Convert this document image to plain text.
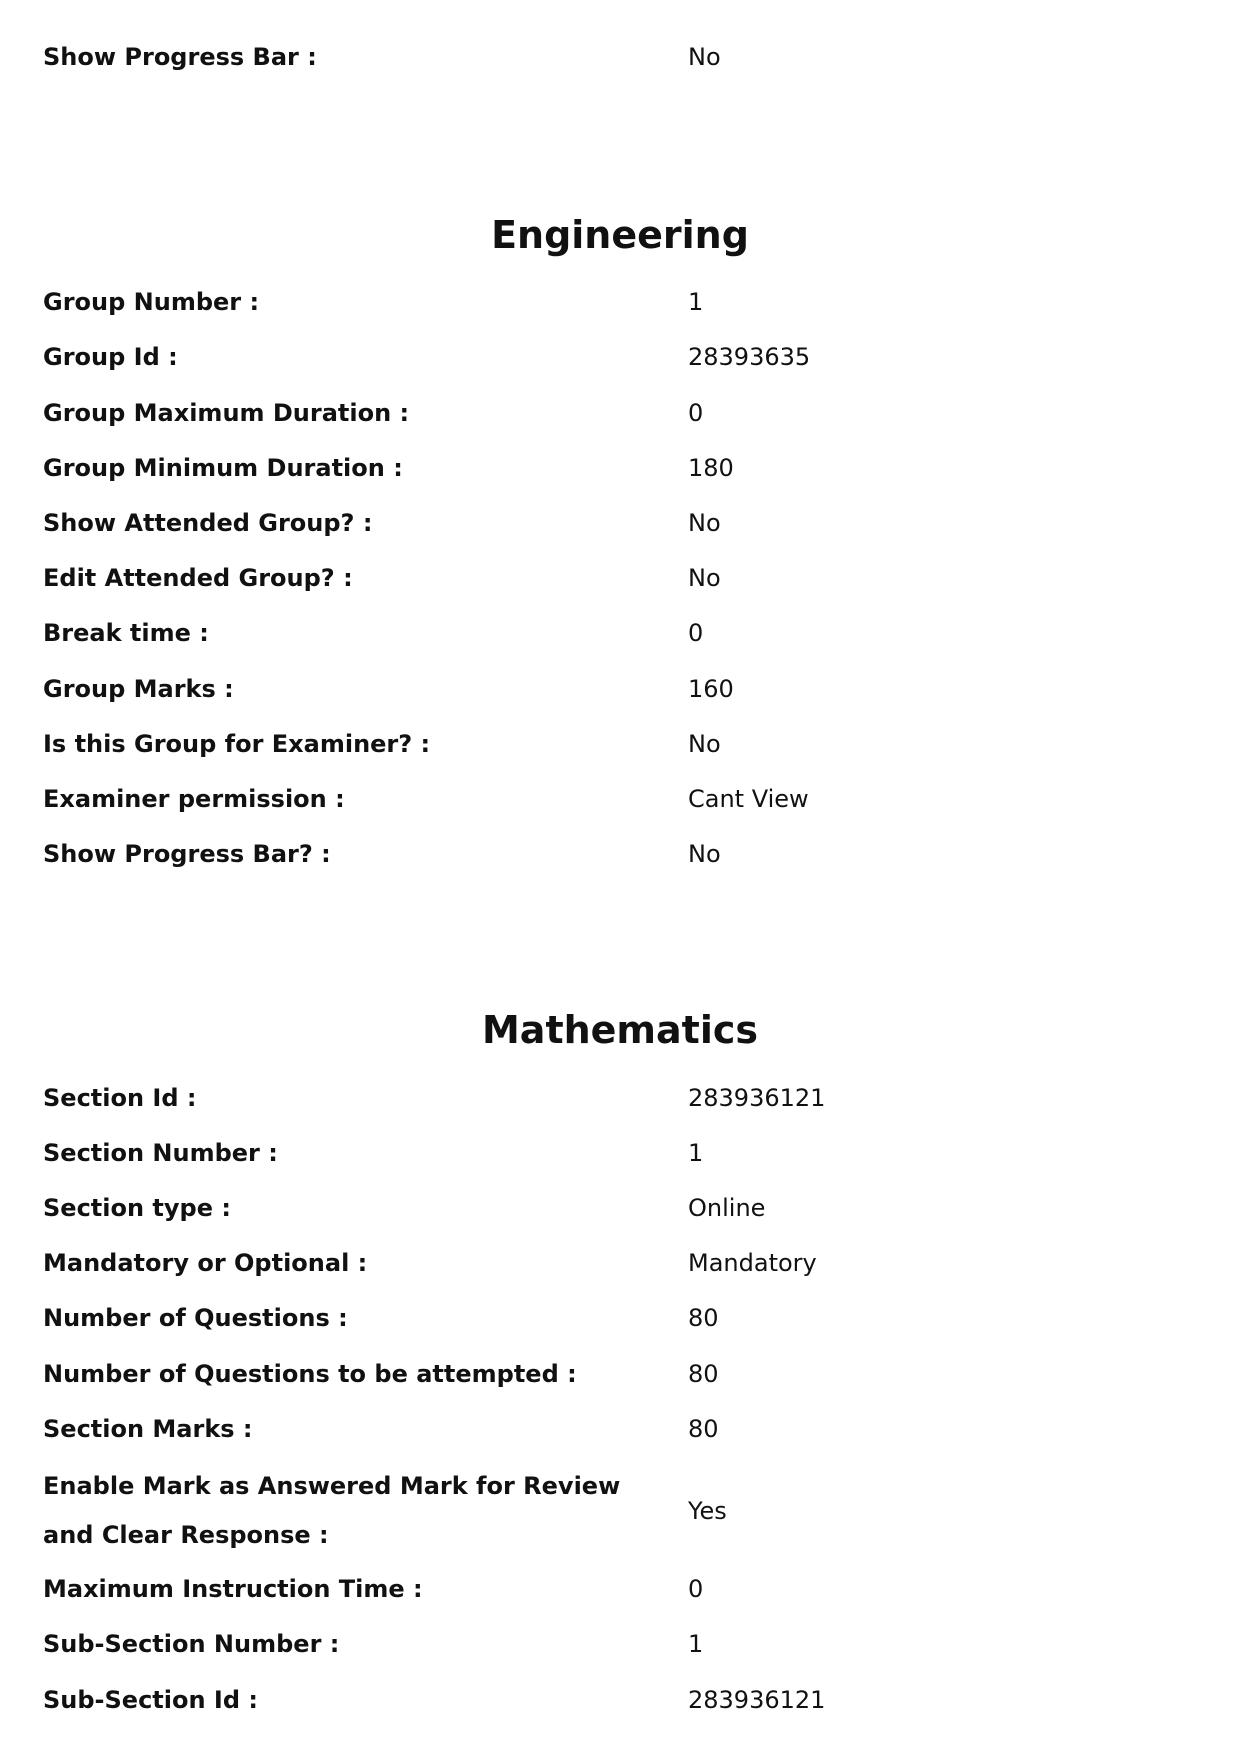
Show Progress Bar :	No
Engineering
Group Number :	1
Group Id :	28393635
Group Maximum Duration :	0
Group Minimum Duration :	180
Show Attended Group? :	No
Edit Attended Group? :	No
Break time :	0
Group Marks :	160
Is this Group for Examiner? :	No
Examiner permission :	Cant View
Show Progress Bar? :	No
Mathematics
Section Id :	283936121
Section Number :	1
Section type :	Online
Mandatory or Optional :	Mandatory
Number of Questions :	80
Number of Questions to be attempted :	80
Section Marks :	80
Enable Mark as Answered Mark for Review and Clear Response :
Yes
Maximum Instruction Time :	0
Sub-Section Number :	1
Sub-Section Id :	283936121
